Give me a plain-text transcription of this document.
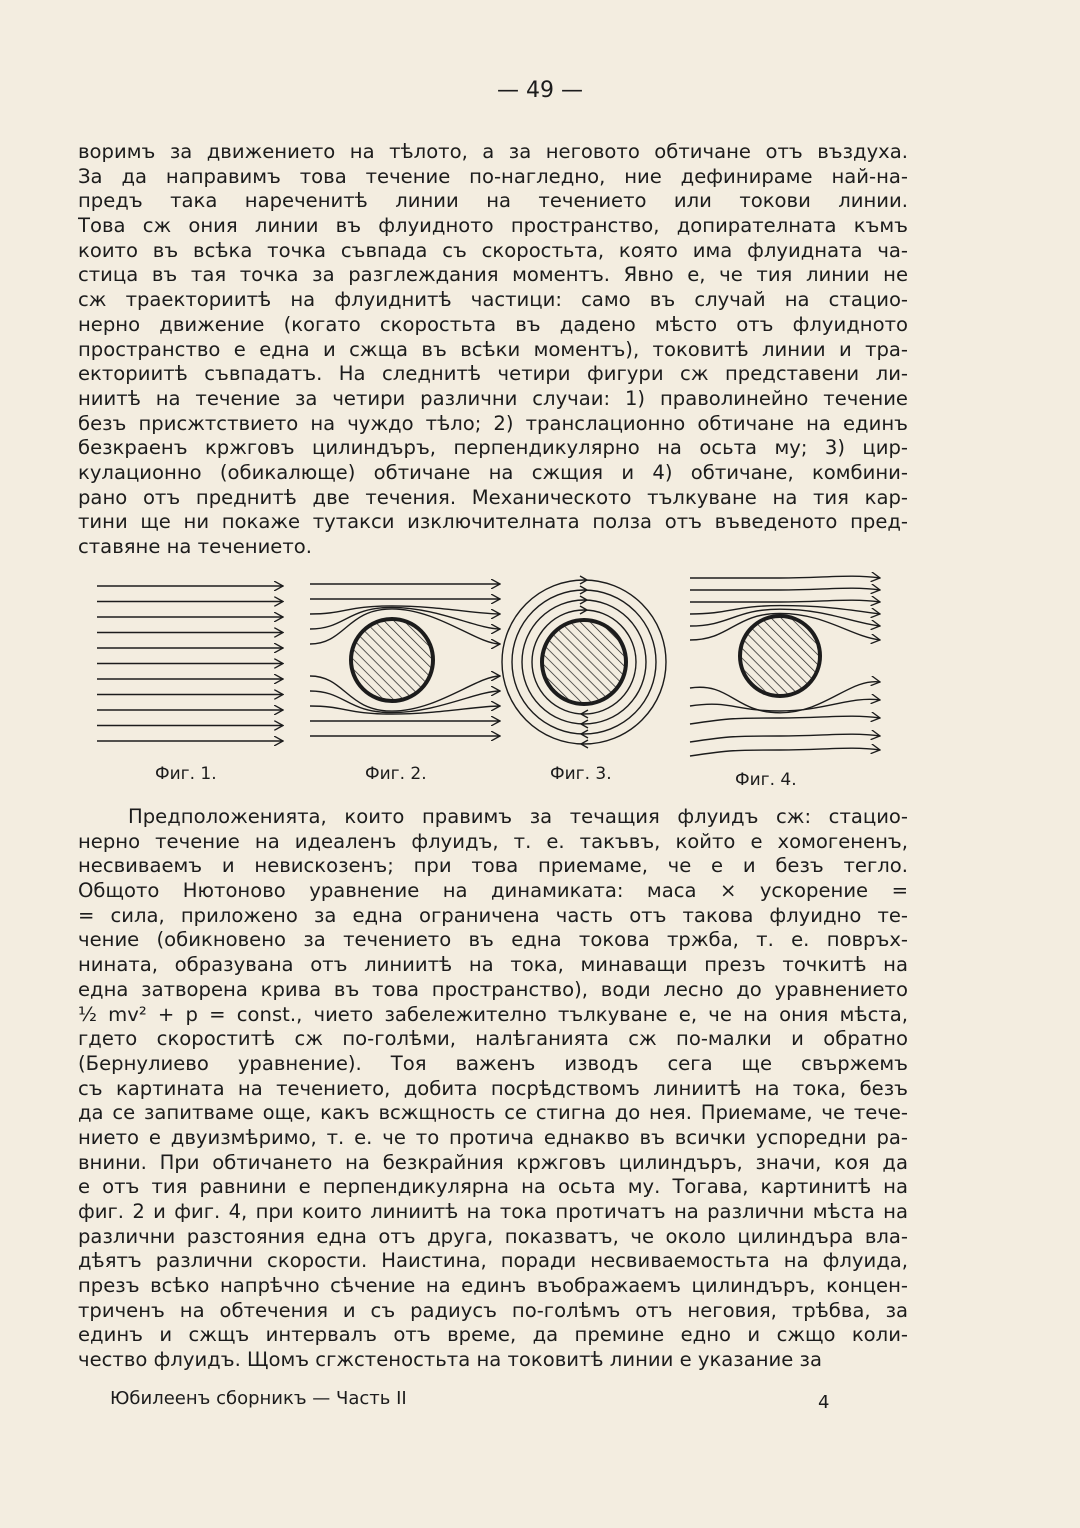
— 49 —
воримъ за движението на тѣлото, а за неговото обтичане отъ въздуха.
За да направимъ това течение по-нагледно, ние дефинираме най-на-
предъ така нареченитѣ линии на течението или токови линии.
Това сж ония линии въ флуидното пространство, допирателната къмъ
които въ всѣка точка съвпада съ скоростьта, която има флуидната ча-
стица въ тая точка за разглеждания моментъ. Явно е, че тия линии не
сж траекториитѣ на флуиднитѣ частици: само въ случай на стацио-
нерно движение (когато скоростьта въ дадено мѣсто отъ флуидното
пространство е една и сжща въ всѣки моментъ), токовитѣ линии и тра-
екториитѣ съвпадатъ. На следнитѣ четири фигури сж представени ли-
ниитѣ на течение за четири различни случаи: 1) праволинейно течение
безъ присжтствието на чуждо тѣло; 2) транслационно обтичане на единъ
безкраенъ кржговъ цилиндъръ, перпендикулярно на осьта му; 3) цир-
кулационно (обикалюще) обтичане на сжщия и 4) обтичане, комбини-
рано отъ преднитѣ две течения. Механическото тълкуване на тия кар-
тини ще ни покаже тутакси изключителната полза отъ въведеното пред-
ставяне на течението.
Фиг. 1.	Фиг. 2.	Фиг. 3.	Фиг. 4.
Предположенията, които правимъ за течащия флуидъ сж: стацио-
нерно течение на идеаленъ флуидъ, т. е. такъвъ, който е хомогененъ,
несвиваемъ и невискозенъ; при това приемаме, че е и безъ тегло.
Общото Нютоново уравнение на динамиката: маса × ускорение =
= сила, приложено за една ограничена часть отъ такова флуидно те-
чение (обикновено за течението въ една токова тржба, т. е. повръх-
нината, образувана отъ линиитѣ на тока, минаващи презъ точкитѣ на
една затворена крива въ това пространство), води лесно до уравнението
½ mv² + p = const., чието забележително тълкуване е, че на ония мѣста,
гдето скороститѣ сж по-голѣми, налѣганията сж по-малки и обратно
(Бернулиево уравнение). Тоя важенъ изводъ сега ще свържемъ
съ картината на течението, добита посрѣдствомъ линиитѣ на тока, безъ
да се запитваме още, какъ всжщность се стигна до нея. Приемаме, че тече-
нието е двуизмѣримо, т. е. че то протича еднакво въ всички успоредни ра-
внини. При обтичането на безкрайния кржговъ цилиндъръ, значи, коя да
е отъ тия равнини е перпендикулярна на осьта му. Тогава, картинитѣ на
фиг. 2 и фиг. 4, при които линиитѣ на тока протичатъ на различни мѣста на
различни разстояния една отъ друга, показватъ, че около цилиндъра вла-
дѣятъ различни скорости. Наистина, поради несвиваемостьта на флуида,
презъ всѣко напрѣчно сѣчение на единъ въображаемъ цилиндъръ, концен-
триченъ на обтечения и съ радиусъ по-голѣмъ отъ неговия, трѣбва, за
единъ и сжщъ интервалъ отъ време, да премине едно и сжщо коли-
чество флуидъ. Щомъ сгжстеностьта на токовитѣ линии е указание за
Юбилеенъ сборникъ — Часть II	4
